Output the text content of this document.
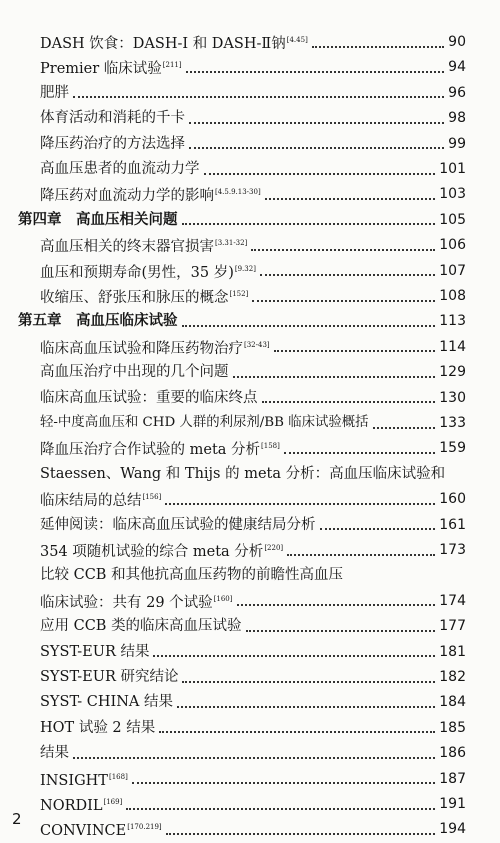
DASH 饮食：DASH-I 和 DASH-Ⅱ钠[4.45]	90
Premier 临床试验[211]	94
肥胖	96
体育活动和消耗的千卡	98
降压药治疗的方法选择	99
高血压患者的血流动力学	101
降压药对血流动力学的影响[4.5.9.13-30]	103
第四章　高血压相关问题	105
高血压相关的终末器官损害[3.31-32]	106
血压和预期寿命(男性，35 岁)[9.32]	107
收缩压、舒张压和脉压的概念[152]	108
第五章　高血压临床试验	113
临床高血压试验和降压药物治疗[32-43]	114
高血压治疗中出现的几个问题	129
临床高血压试验：重要的临床终点	130
轻-中度高血压和 CHD 人群的利尿剂/BB 临床试验概括	133
降血压治疗合作试验的 meta 分析[158]	159
Staessen、Wang 和 Thijs 的 meta 分析：高血压临床试验和
临床结局的总结[156]	160
延伸阅读：临床高血压试验的健康结局分析	161
354 项随机试验的综合 meta 分析[220]	173
比较 CCB 和其他抗高血压药物的前瞻性高血压
临床试验：共有 29 个试验[160]	174
应用 CCB 类的临床高血压试验	177
SYST-EUR 结果	181
SYST-EUR 研究结论	182
SYST- CHINA 结果	184
HOT 试验 2 结果	185
结果	186
INSIGHT[168]	187
NORDIL[169]	191
CONVINCE[170.219]	194
2
